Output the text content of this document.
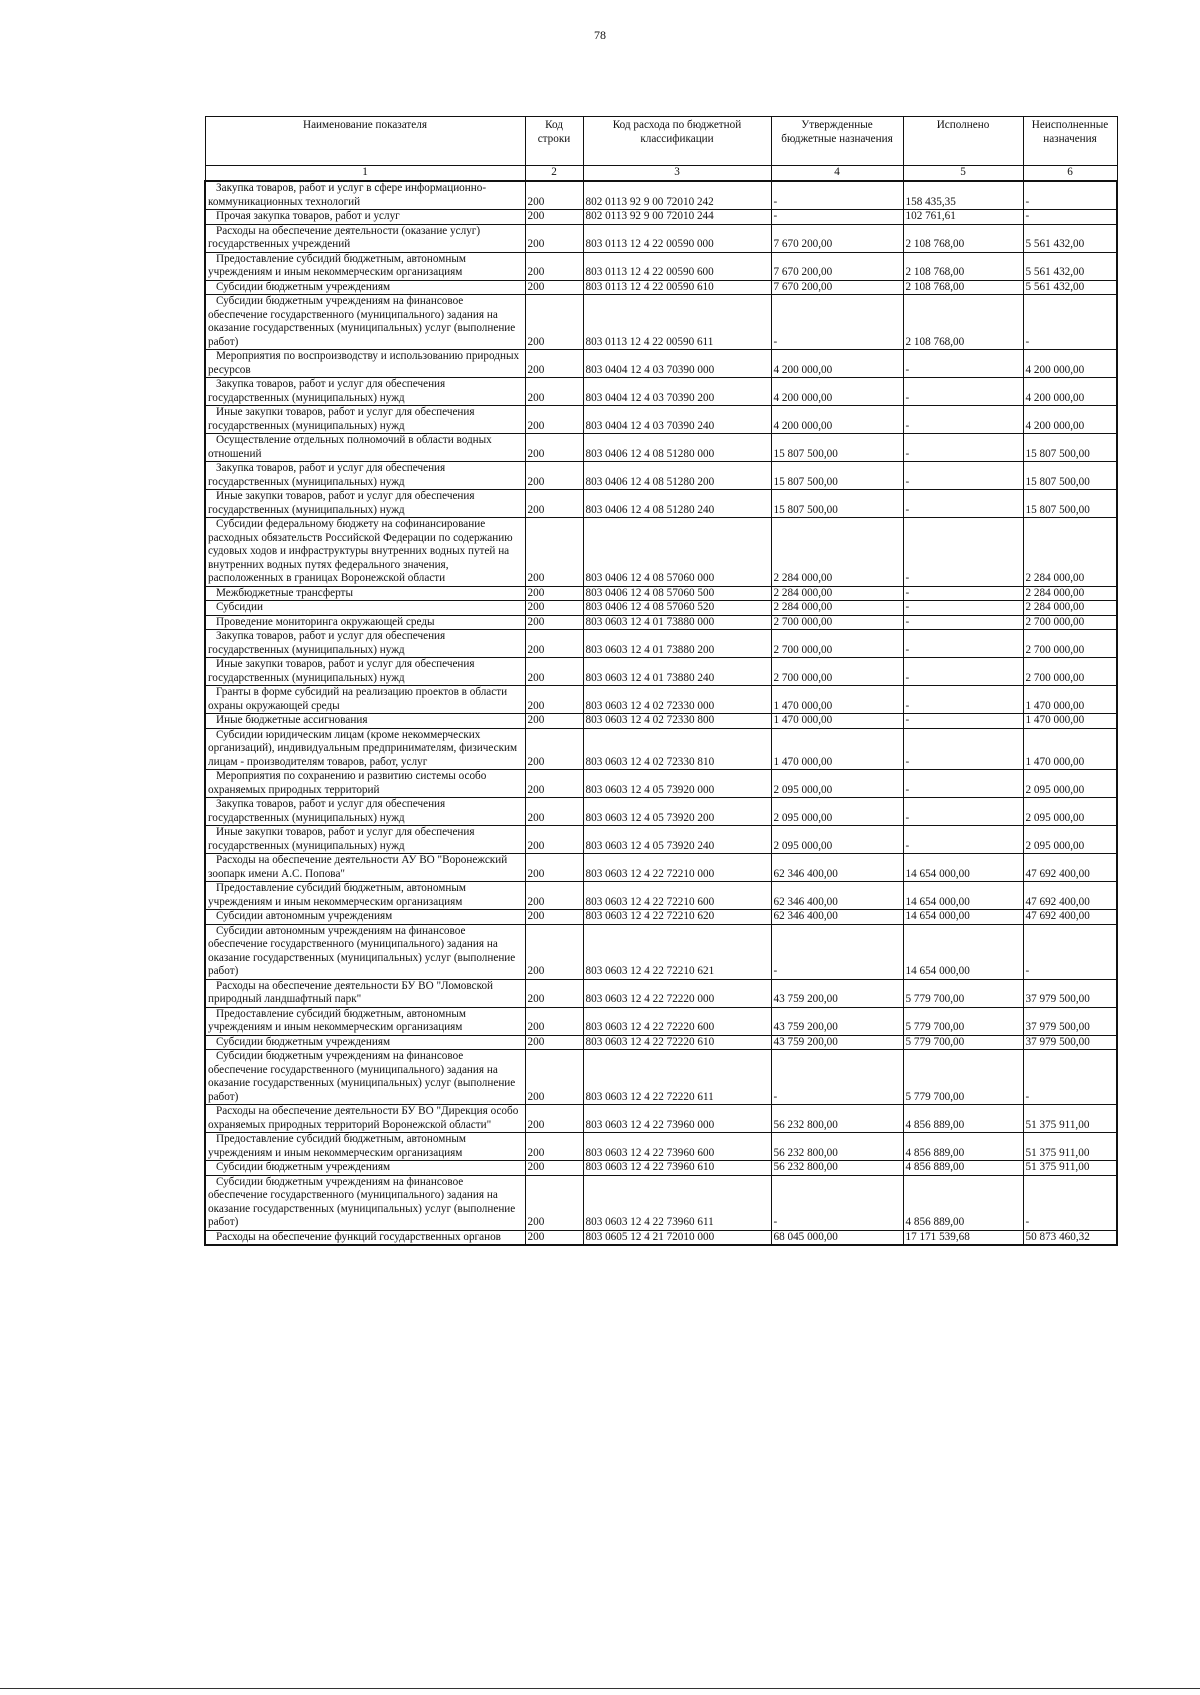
78
Наименование показателя	Код строки	Код расхода по бюджетной классификации	Утвержденные бюджетные назначения	Исполнено	Неисполненные назначения
1	2	3	4	5	6
Закупка товаров, работ и услуг в сфере информационно-коммуникационных технологий	200	802 0113 92 9 00 72010 242	-	158 435,35	-
Прочая закупка товаров, работ и услуг	200	802 0113 92 9 00 72010 244	-	102 761,61	-
Расходы на обеспечение деятельности (оказание услуг) государственных учреждений	200	803 0113 12 4 22 00590 000	7 670 200,00	2 108 768,00	5 561 432,00
Предоставление субсидий бюджетным, автономным учреждениям и иным некоммерческим организациям	200	803 0113 12 4 22 00590 600	7 670 200,00	2 108 768,00	5 561 432,00
Субсидии бюджетным учреждениям	200	803 0113 12 4 22 00590 610	7 670 200,00	2 108 768,00	5 561 432,00
Субсидии бюджетным учреждениям на финансовое обеспечение государственного (муниципального) задания на оказание государственных (муниципальных) услуг (выполнение работ)	200	803 0113 12 4 22 00590 611	-	2 108 768,00	-
Мероприятия по воспроизводству и использованию природных ресурсов	200	803 0404 12 4 03 70390 000	4 200 000,00	-	4 200 000,00
Закупка товаров, работ и услуг для обеспечения государственных (муниципальных) нужд	200	803 0404 12 4 03 70390 200	4 200 000,00	-	4 200 000,00
Иные закупки товаров, работ и услуг для обеспечения государственных (муниципальных) нужд	200	803 0404 12 4 03 70390 240	4 200 000,00	-	4 200 000,00
Осуществление отдельных полномочий в области водных отношений	200	803 0406 12 4 08 51280 000	15 807 500,00	-	15 807 500,00
Закупка товаров, работ и услуг для обеспечения государственных (муниципальных) нужд	200	803 0406 12 4 08 51280 200	15 807 500,00	-	15 807 500,00
Иные закупки товаров, работ и услуг для обеспечения государственных (муниципальных) нужд	200	803 0406 12 4 08 51280 240	15 807 500,00	-	15 807 500,00
Субсидии федеральному бюджету на софинансирование расходных обязательств Российской Федерации по содержанию судовых ходов и инфраструктуры внутренних водных путей на внутренних водных путях федерального значения, расположенных в границах Воронежской области	200	803 0406 12 4 08 57060 000	2 284 000,00	-	2 284 000,00
Межбюджетные трансферты	200	803 0406 12 4 08 57060 500	2 284 000,00	-	2 284 000,00
Субсидии	200	803 0406 12 4 08 57060 520	2 284 000,00	-	2 284 000,00
Проведение мониторинга окружающей среды	200	803 0603 12 4 01 73880 000	2 700 000,00	-	2 700 000,00
Закупка товаров, работ и услуг для обеспечения государственных (муниципальных) нужд	200	803 0603 12 4 01 73880 200	2 700 000,00	-	2 700 000,00
Иные закупки товаров, работ и услуг для обеспечения государственных (муниципальных) нужд	200	803 0603 12 4 01 73880 240	2 700 000,00	-	2 700 000,00
Гранты в форме субсидий на реализацию проектов в области охраны окружающей среды	200	803 0603 12 4 02 72330 000	1 470 000,00	-	1 470 000,00
Иные бюджетные ассигнования	200	803 0603 12 4 02 72330 800	1 470 000,00	-	1 470 000,00
Субсидии юридическим лицам (кроме некоммерческих организаций), индивидуальным предпринимателям, физическим лицам - производителям товаров, работ, услуг	200	803 0603 12 4 02 72330 810	1 470 000,00	-	1 470 000,00
Мероприятия по сохранению и развитию системы особо охраняемых природных территорий	200	803 0603 12 4 05 73920 000	2 095 000,00	-	2 095 000,00
Закупка товаров, работ и услуг для обеспечения государственных (муниципальных) нужд	200	803 0603 12 4 05 73920 200	2 095 000,00	-	2 095 000,00
Иные закупки товаров, работ и услуг для обеспечения государственных (муниципальных) нужд	200	803 0603 12 4 05 73920 240	2 095 000,00	-	2 095 000,00
Расходы на обеспечение деятельности АУ ВО "Воронежский зоопарк имени А.С. Попова"	200	803 0603 12 4 22 72210 000	62 346 400,00	14 654 000,00	47 692 400,00
Предоставление субсидий бюджетным, автономным учреждениям и иным некоммерческим организациям	200	803 0603 12 4 22 72210 600	62 346 400,00	14 654 000,00	47 692 400,00
Субсидии автономным учреждениям	200	803 0603 12 4 22 72210 620	62 346 400,00	14 654 000,00	47 692 400,00
Субсидии автономным учреждениям на финансовое обеспечение государственного (муниципального) задания на оказание государственных (муниципальных) услуг (выполнение работ)	200	803 0603 12 4 22 72210 621	-	14 654 000,00	-
Расходы на обеспечение деятельности БУ ВО "Ломовской природный ландшафтный парк"	200	803 0603 12 4 22 72220 000	43 759 200,00	5 779 700,00	37 979 500,00
Предоставление субсидий бюджетным, автономным учреждениям и иным некоммерческим организациям	200	803 0603 12 4 22 72220 600	43 759 200,00	5 779 700,00	37 979 500,00
Субсидии бюджетным учреждениям	200	803 0603 12 4 22 72220 610	43 759 200,00	5 779 700,00	37 979 500,00
Субсидии бюджетным учреждениям на финансовое обеспечение государственного (муниципального) задания на оказание государственных (муниципальных) услуг (выполнение работ)	200	803 0603 12 4 22 72220 611	-	5 779 700,00	-
Расходы на обеспечение деятельности БУ ВО "Дирекция особо охраняемых природных территорий Воронежской области"	200	803 0603 12 4 22 73960 000	56 232 800,00	4 856 889,00	51 375 911,00
Предоставление субсидий бюджетным, автономным учреждениям и иным некоммерческим организациям	200	803 0603 12 4 22 73960 600	56 232 800,00	4 856 889,00	51 375 911,00
Субсидии бюджетным учреждениям	200	803 0603 12 4 22 73960 610	56 232 800,00	4 856 889,00	51 375 911,00
Субсидии бюджетным учреждениям на финансовое обеспечение государственного (муниципального) задания на оказание государственных (муниципальных) услуг (выполнение работ)	200	803 0603 12 4 22 73960 611	-	4 856 889,00	-
Расходы на обеспечение функций государственных органов	200	803 0605 12 4 21 72010 000	68 045 000,00	17 171 539,68	50 873 460,32
